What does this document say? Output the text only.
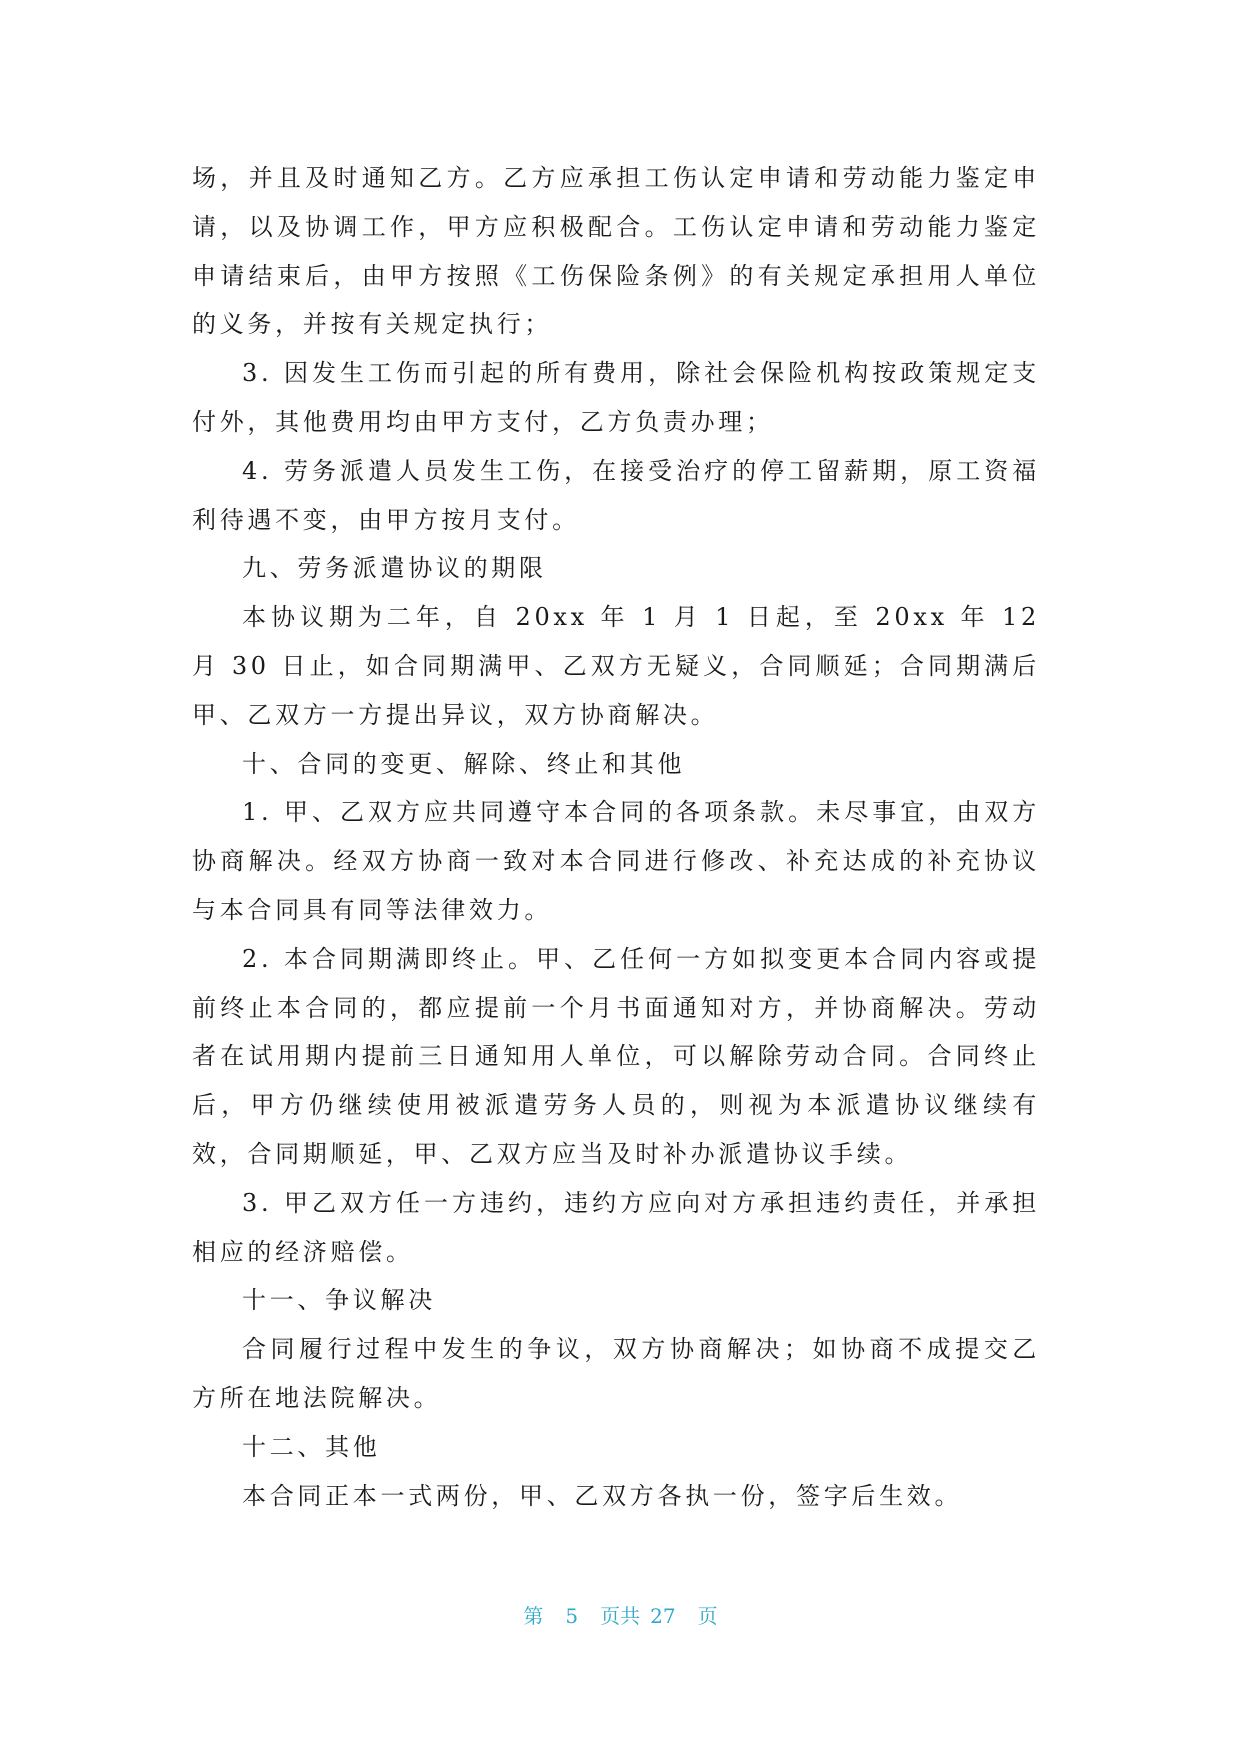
场，并且及时通知乙方。乙方应承担工伤认定申请和劳动能力鉴定申请，以及协调工作，甲方应积极配合。工伤认定申请和劳动能力鉴定申请结束后，由甲方按照《工伤保险条例》的有关规定承担用人单位的义务，并按有关规定执行；

3. 因发生工伤而引起的所有费用，除社会保险机构按政策规定支付外，其他费用均由甲方支付，乙方负责办理；

4. 劳务派遣人员发生工伤，在接受治疗的停工留薪期，原工资福利待遇不变，由甲方按月支付。

九、劳务派遣协议的期限

本协议期为二年，自 20xx 年 1 月 1 日起，至 20xx 年 12 月 30 日止，如合同期满甲、乙双方无疑义，合同顺延；合同期满后甲、乙双方一方提出异议，双方协商解决。

十、合同的变更、解除、终止和其他

1. 甲、乙双方应共同遵守本合同的各项条款。未尽事宜，由双方协商解决。经双方协商一致对本合同进行修改、补充达成的补充协议与本合同具有同等法律效力。

2. 本合同期满即终止。甲、乙任何一方如拟变更本合同内容或提前终止本合同的，都应提前一个月书面通知对方，并协商解决。劳动者在试用期内提前三日通知用人单位，可以解除劳动合同。合同终止后，甲方仍继续使用被派遣劳务人员的，则视为本派遣协议继续有效，合同期顺延，甲、乙双方应当及时补办派遣协议手续。

3. 甲乙双方任一方违约，违约方应向对方承担违约责任，并承担相应的经济赔偿。

十一、争议解决

合同履行过程中发生的争议，双方协商解决；如协商不成提交乙方所在地法院解决。

十二、其他

本合同正本一式两份，甲、乙双方各执一份，签字后生效。

第 5 页共 27 页
